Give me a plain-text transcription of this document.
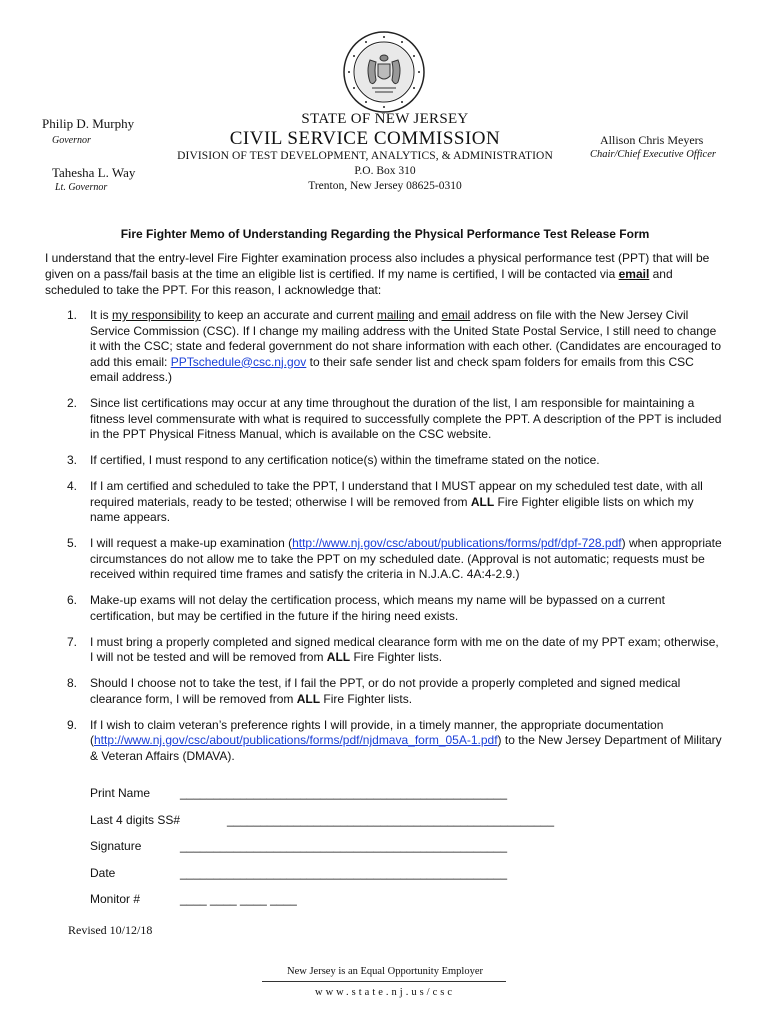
Philip D. Murphy
Governor
Tahesha L. Way
Lt. Governor
STATE OF NEW JERSEY
CIVIL SERVICE COMMISSION
DIVISION OF TEST DEVELOPMENT, ANALYTICS, & ADMINISTRATION
P.O. Box 310
Trenton, New Jersey 08625-0310
Allison Chris Meyers
Chair/Chief Executive Officer
Fire Fighter Memo of Understanding Regarding the Physical Performance Test Release Form
I understand that the entry-level Fire Fighter examination process also includes a physical performance test (PPT) that will be given on a pass/fail basis at the time an eligible list is certified. If my name is certified, I will be contacted via email and scheduled to take the PPT. For this reason, I acknowledge that:
1. It is my responsibility to keep an accurate and current mailing and email address on file with the New Jersey Civil Service Commission (CSC). If I change my mailing address with the United State Postal Service, I still need to change it with the CSC; state and federal government do not share information with each other. (Candidates are encouraged to add this email: PPTschedule@csc.nj.gov to their safe sender list and check spam folders for emails from this CSC email address.)
2. Since list certifications may occur at any time throughout the duration of the list, I am responsible for maintaining a fitness level commensurate with what is required to successfully complete the PPT. A description of the PPT is included in the PPT Physical Fitness Manual, which is available on the CSC website.
3. If certified, I must respond to any certification notice(s) within the timeframe stated on the notice.
4. If I am certified and scheduled to take the PPT, I understand that I MUST appear on my scheduled test date, with all required materials, ready to be tested; otherwise I will be removed from ALL Fire Fighter eligible lists on which my name appears.
5. I will request a make-up examination (http://www.nj.gov/csc/about/publications/forms/pdf/dpf-728.pdf) when appropriate circumstances do not allow me to take the PPT on my scheduled date. (Approval is not automatic; requests must be received within required time frames and satisfy the criteria in N.J.A.C. 4A:4-2.9.)
6. Make-up exams will not delay the certification process, which means my name will be bypassed on a current certification, but may be certified in the future if the hiring need exists.
7. I must bring a properly completed and signed medical clearance form with me on the date of my PPT exam; otherwise, I will not be tested and will be removed from ALL Fire Fighter lists.
8. Should I choose not to take the test, if I fail the PPT, or do not provide a properly completed and signed medical clearance form, I will be removed from ALL Fire Fighter lists.
9. If I wish to claim veteran’s preference rights I will provide, in a timely manner, the appropriate documentation (http://www.nj.gov/csc/about/publications/forms/pdf/njdmava_form_05A-1.pdf) to the New Jersey Department of Military & Veteran Affairs (DMAVA).
Print Name _________________________________________________
Last 4 digits SS#	_________________________________________________
Signature	_________________________________________________
Date	_________________________________________________
Monitor #	____ ____ ____ ____
Revised 10/12/18
New Jersey is an Equal Opportunity Employer
www.state.nj.us/csc
